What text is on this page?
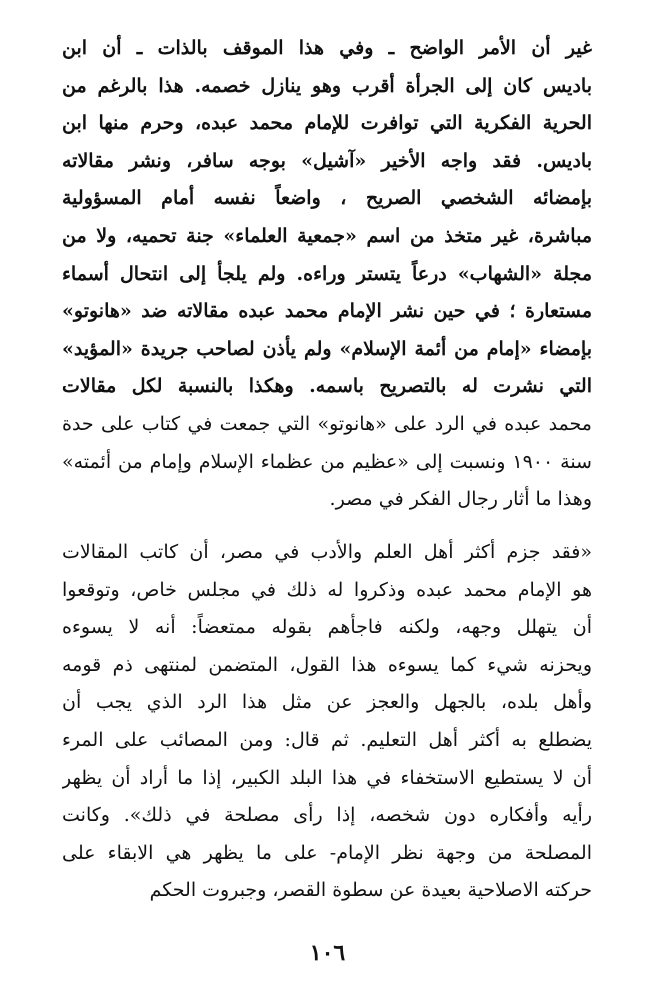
غير أن الأمر الواضح ـ وفي هذا الموقف بالذات ـ أن ابن
باديس كان إلى الجرأة أقرب وهو ينازل خصمه. هذا بالرغم من
الحرية الفكرية التي توافرت للإمام محمد عبده، وحرم منها ابن
باديس. فقد واجه الأخير «آشيل» بوجه سافر، ونشر مقالاته
بإمضائه الشخصي الصريح ، واضعاً نفسه أمام المسؤولية
مباشرة، غير متخذ من اسم «جمعية العلماء» جنة تحميه، ولا من
مجلة «الشهاب» درعاً يتستر وراءه. ولم يلجأ إلى انتحال أسماء
مستعارة ؛ في حين نشر الإمام محمد عبده مقالاته ضد «هانوتو»
بإمضاء «إمام من أئمة الإسلام» ولم يأذن لصاحب جريدة «المؤيد»
التي نشرت له بالتصريح باسمه. وهكذا بالنسبة لكل مقالات
محمد عبده في الرد على «هانوتو» التي جمعت في كتاب على حدة
سنة ١٩٠٠ ونسبت إلى «عظيم من عظماء الإسلام وإمام من أئمته»
وهذا ما أثار رجال الفكر في مصر.
«فقد جزم أكثر أهل العلم والأدب في مصر، أن كاتب المقالات
هو الإمام محمد عبده وذكروا له ذلك في مجلس خاص، وتوقعوا
أن يتهلل وجهه، ولكنه فاجأهم بقوله ممتعضاً: أنه لا يسوءه
ويحزنه شيء كما يسوءه هذا القول، المتضمن لمنتهى ذم قومه
وأهل بلده، بالجهل والعجز عن مثل هذا الرد الذي يجب أن
يضطلع به أكثر أهل التعليم. ثم قال: ومن المصائب على المرء
أن لا يستطيع الاستخفاء في هذا البلد الكبير، إذا ما أراد أن يظهر
رأيه وأفكاره دون شخصه، إذا رأى مصلحة في ذلك». وكانت
المصلحة من وجهة نظر الإمام- على ما يظهر هي الابقاء على
حركته الاصلاحية بعيدة عن سطوة القصر، وجبروت الحكم
١٠٦
